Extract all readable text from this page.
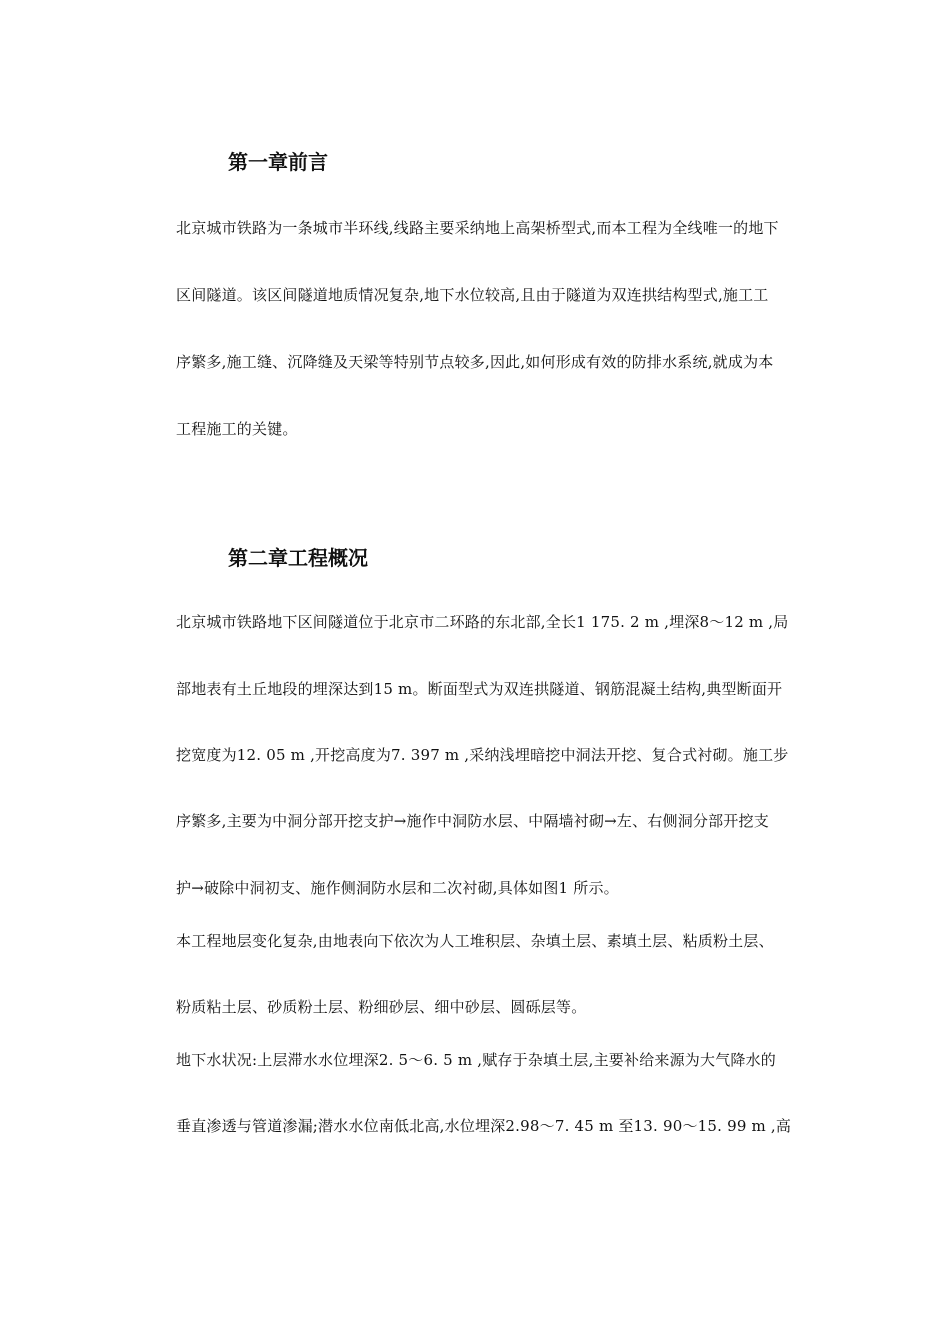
第一章前言
北京城市铁路为一条城市半环线,线路主要采纳地上高架桥型式,而本工程为全线唯一的地下
区间隧道。该区间隧道地质情况复杂,地下水位较高,且由于隧道为双连拱结构型式,施工工
序繁多,施工缝、沉降缝及天梁等特别节点较多,因此,如何形成有效的防排水系统,就成为本
工程施工的关键。
第二章工程概况
北京城市铁路地下区间隧道位于北京市二环路的东北部,全长1 175. 2 m ,埋深8～12 m ,局
部地表有土丘地段的埋深达到15 m。断面型式为双连拱隧道、钢筋混凝土结构,典型断面开
挖宽度为12. 05 m ,开挖高度为7. 397 m ,采纳浅埋暗挖中洞法开挖、复合式衬砌。施工步
序繁多,主要为中洞分部开挖支护→施作中洞防水层、中隔墙衬砌→左、右侧洞分部开挖支
护→破除中洞初支、施作侧洞防水层和二次衬砌,具体如图1 所示。
本工程地层变化复杂,由地表向下依次为人工堆积层、杂填土层、素填土层、粘质粉土层、
粉质粘土层、砂质粉土层、粉细砂层、细中砂层、圆砾层等。
地下水状况:上层滞水水位埋深2. 5～6. 5 m ,赋存于杂填土层,主要补给来源为大气降水的
垂直渗透与管道渗漏;潜水水位南低北高,水位埋深2.98～7. 45 m 至13. 90～15. 99 m ,高
